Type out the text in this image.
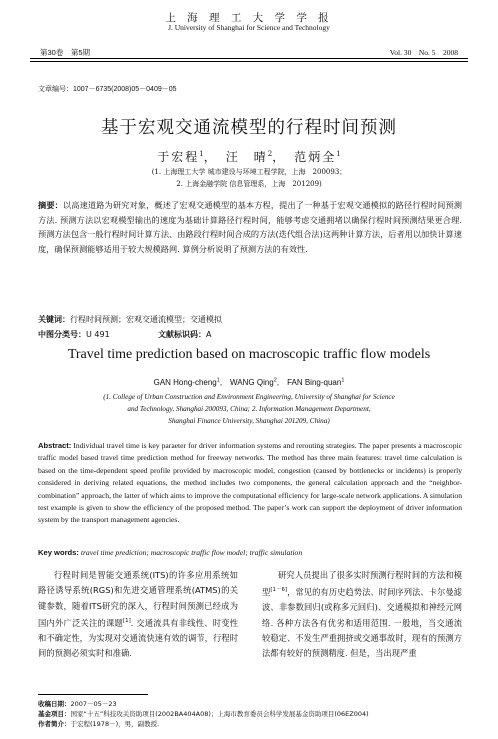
上 海 理 工 大 学 学 报
J. University of Shanghai for Science and Technology
第30卷　第5期	Vol. 30　No. 5　2008
文章编号：1007－6735(2008)05－0409－05
基于宏观交通流模型的行程时间预测
于宏程$^1$，　汪　晴$^2$，　范炳全$^1$
(1. 上海理工大学 城市建设与环境工程学院，上海　200093；
2. 上海金融学院 信息管理系，上海　201209)
摘要：以高速道路为研究对象，概述了宏观交通模型的基本方程，提出了一种基于宏观交通模拟的路径行程时间预测方法. 预测方法以宏观模型输出的速度为基础计算路径行程时间，能够考虑交通拥堵以确保行程时间预测结果更合理. 预测方法包含一般行程时间计算方法、由路段行程时间合成的方法(迭代组合法)这两种计算方法，后者用以加快计算速度，确保预测能够适用于较大规模路网. 算例分析说明了预测方法的有效性.
关键词：行程时间预测；宏观交通流模型；交通模拟
中图分类号：U 491	文献标识码：A
Travel time prediction based on macroscopic traffic flow models
GAN Hong-cheng$^1$,　WANG Qing$^2$,　FAN Bing-quan$^1$
(1. College of Urban Construction and Environment Engineering, University of Shanghai for Science
and Technology, Shanghai 200093, China; 2. Information Management Department,
Shanghai Finance University, Shanghai 201209, China)
Abstract: Individual travel time is key paraeter for driver information systems and rerouting strategies. The paper presents a macroscopic traffic model based travel time prediction method for freeway networks. The method has three main features: travel time calculation is based on the time-dependent speed profile provided by macroscopic model, congestion (caused by bottlenecks or incidents) is properly considered in deriving related equations, the method includes two components, the general calculation approach and the “neighbor-combination” approach, the latter of which aims to improve the computational efficiency for large-scale network applications. A simulation test example is given to show the efficiency of the proposed method. The paper’s work can support the deployment of driver information system by the transport management agencies.
Key words: travel time prediction; macroscopic traffic flow model; traffic simulation
行程时间是智能交通系统(ITS)的许多应用系统如路径诱导系统(RGS)和先进交通管理系统(ATMS)的关键参数，随着ITS研究的深入，行程时间预测已经成为国内外广泛关注的课题[1]. 交通流具有非线性、时变性和不确定性，为实现对交通流快速有效的调节，行程时间的预测必须实时和准确.
研究人员提出了很多实时预测行程时间的方法和模型[1－6]，常见的有历史趋势法、时间序列法、卡尔曼滤波、非参数回归(或称多元回归)、交通模拟和神经元网络. 各种方法各有优劣和适用范围. 一般地，当交通流较稳定、不发生严重拥挤或交通事故时，现有的预测方法都有较好的预测精度. 但是，当出现严重
收稿日期：2007－05－23
基金项目：国家“十五”科技攻关资助项目(2002BA404A08)；上海市教育委员会科学发展基金资助项目(06EZ004)
作者简介：于宏程(1978－)，男，副教授.
